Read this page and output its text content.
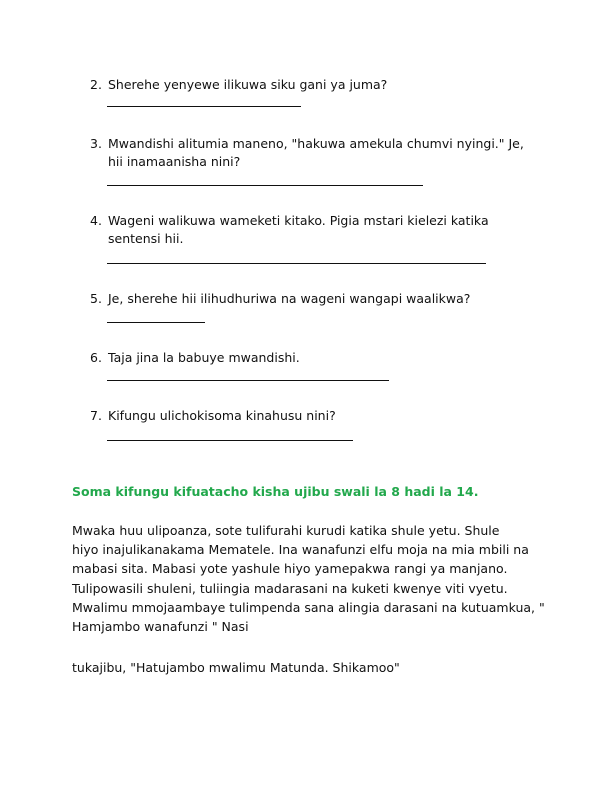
2. Sherehe yenyewe ilikuwa siku gani ya juma?
3. Mwandishi alitumia maneno, "hakuwa amekula chumvi nyingi." Je,
hii inamaanisha nini?
4. Wageni walikuwa wameketi kitako. Pigia mstari kielezi katika
sentensi hii.
5. Je, sherehe hii ilihudhuriwa na wageni wangapi waalikwa?
6. Taja jina la babuye mwandishi.
7. Kifungu ulichokisoma kinahusu nini?
Soma kifungu kifuatacho kisha ujibu swali la 8 hadi la 14.
Mwaka huu ulipoanza, sote tulifurahi kurudi katika shule yetu. Shule
hiyo inajulikanakama Mematele. Ina wanafunzi elfu moja na mia mbili na
mabasi sita. Mabasi yote yashule hiyo yamepakwa rangi ya manjano.
Tulipowasili shuleni, tuliingia madarasani na kuketi kwenye viti vyetu.
Mwalimu mmojaambaye tulimpenda sana alingia darasani na kutuamkua, "
Hamjambo wanafunzi " Nasi
tukajibu, "Hatujambo mwalimu Matunda. Shikamoo"
